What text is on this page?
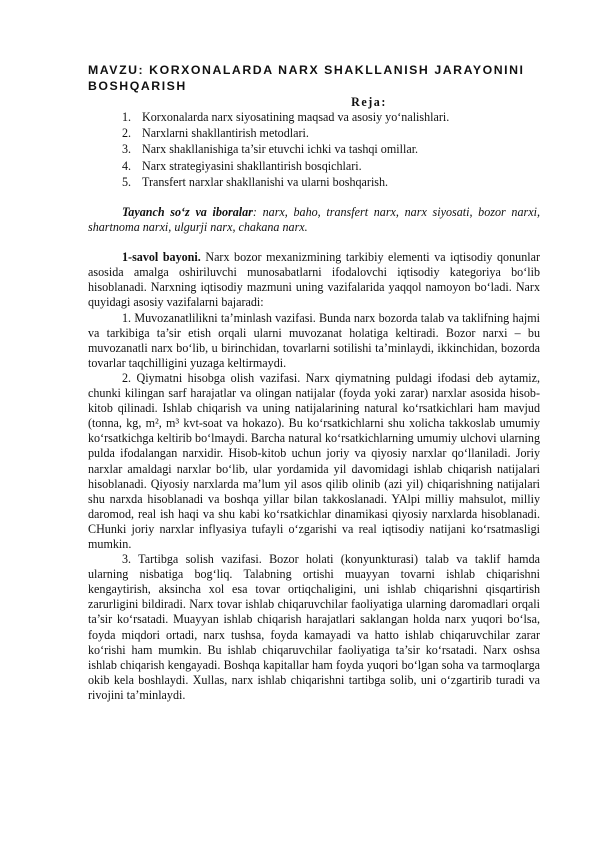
MAVZU: KORXONALARDA NARX SHAKLLANISH JARAYONINI BOSHQARISH
Reja:
1. Korxonalarda narx siyosatining maqsad va asosiy yo‘nalishlari.
2. Narxlarni shakllantirish metodlari.
3. Narx shakllanishiga ta’sir etuvchi ichki va tashqi omillar.
4. Narx strategiyasini shakllantirish bosqichlari.
5. Transfert narxlar shakllanishi va ularni boshqarish.

Tayanch so‘z va iboralar: narx, baho, transfert narx, narx siyosati, bozor narxi, shartnoma narxi, ulgurji narx, chakana narx.

1-savol bayoni. Narx bozor mexanizmining tarkibiy elementi va iqtisodiy qonunlar asosida amalga oshiriluvchi munosabatlarni ifodalovchi iqtisodiy kategoriya bo‘lib hisoblanadi. Narxning iqtisodiy mazmuni uning vazifalarida yaqqol namoyon bo‘ladi. Narx quyidagi asosiy vazifalarni bajaradi:

1. Muvozanatlilikni ta’minlash vazifasi. Bunda narx bozorda talab va taklifning hajmi va tarkibiga ta’sir etish orqali ularni muvozanat holatiga keltiradi. Bozor narxi – bu muvozanatli narx bo‘lib, u birinchidan, tovarlarni sotilishi ta’minlaydi, ikkinchidan, bozorda tovarlar taqchilligini yuzaga keltirmaydi.

2. Qiymatni hisobga olish vazifasi. Narx qiymatning puldagi ifodasi deb aytamiz, chunki kilingan sarf harajatlar va olingan natijalar (foyda yoki zarar) narxlar asosida hisob-kitob qilinadi. Ishlab chiqarish va uning natijalarining natural ko‘rsatkichlari ham mavjud (tonna, kg, m², m³ kvt-soat va hokazo). Bu ko‘rsatkichlarni shu xolicha takkoslab umumiy ko‘rsatkichga keltirib bo‘lmaydi. Barcha natural ko‘rsatkichlarning umumiy ulchovi ularning pulda ifodalangan narxidir. Hisob-kitob uchun joriy va qiyosiy narxlar qo‘llaniladi. Joriy narxlar amaldagi narxlar bo‘lib, ular yordamida yil davomidagi ishlab chiqarish natijalari hisoblanadi. Qiyosiy narxlarda ma’lum yil asos qilib olinib (azi yil) chiqarishning natijalari shu narxda hisoblanadi va boshqa yillar bilan takkoslanadi. YAlpi milliy mahsulot, milliy daromod, real ish haqi va shu kabi ko‘rsatkichlar dinamikasi qiyosiy narxlarda hisoblanadi. CHunki joriy narxlar inflyasiya tufayli o‘zgarishi va real iqtisodiy natijani ko‘rsatmasligi mumkin.

3. Tartibga solish vazifasi. Bozor holati (konyunkturasi) talab va taklif hamda ularning nisbatiga bog‘liq. Talabning ortishi muayyan tovarni ishlab chiqarishni kengaytirish, aksincha xol esa tovar ortiqchaligini, uni ishlab chiqarishni qisqartirish zarurligini bildiradi. Narx tovar ishlab chiqaruvchilar faoliyatiga ularning daromadlari orqali ta’sir ko‘rsatadi. Muayyan ishlab chiqarish harajatlari saklangan holda narx yuqori bo‘lsa, foyda miqdori ortadi, narx tushsa, foyda kamayadi va hatto ishlab chiqaruvchilar zarar ko‘rishi ham mumkin. Bu ishlab chiqaruvchilar faoliyatiga ta’sir ko‘rsatadi. Narx oshsa ishlab chiqarish kengayadi. Boshqa kapitallar ham foyda yuqori bo‘lgan soha va tarmoqlarga okib kela boshlaydi. Xullas, narx ishlab chiqarishni tartibga solib, uni o‘zgartirib turadi va rivojini ta’minlaydi.
